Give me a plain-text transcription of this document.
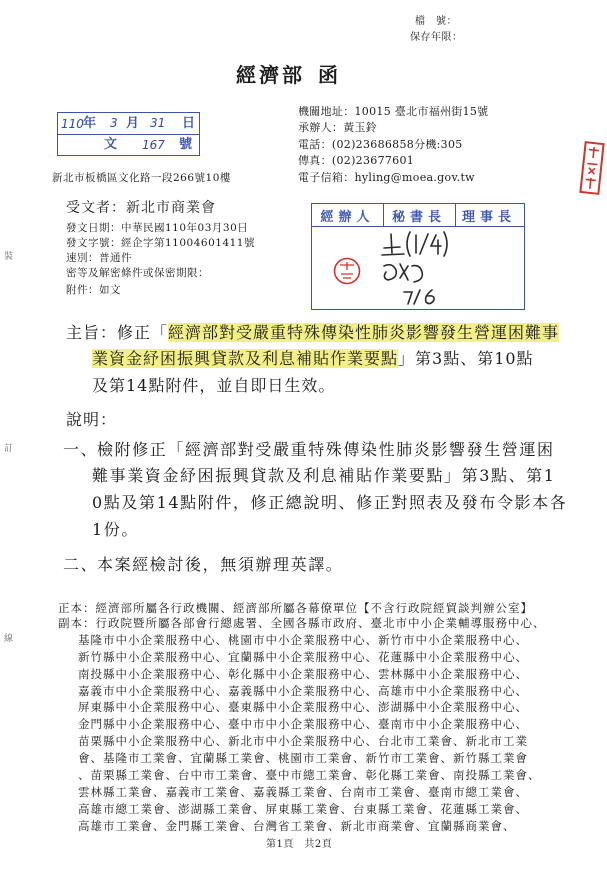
裝
訂
線
檔　號：
保存年限：
經濟部 函
110 年 3 月 31 日
文 167 號
新北市板橋區文化路一段266號10樓
機關地址：10015 臺北市福州街15號
承辦人：黃玉鈴
電話：(02)23686858分機:305
傳真：(02)23677601
電子信箱：hyling@moea.gov.tw
受文者：新北市商業會
發文日期：中華民國110年03月30日
發文字號：經企字第11004601411號
速別：普通件
密等及解密條件或保密期限：
附件：如文
經辦人	秘書長	理事長
主旨： 修正「經濟部對受嚴重特殊傳染性肺炎影響發生營運困難事
業資金紓困振興貸款及利息補貼作業要點」第3點、第10點
及第14點附件，並自即日生效。
說明：
一、
檢附修正「經濟部對受嚴重特殊傳染性肺炎影響發生營運困
難事業資金紓困振興貸款及利息補貼作業要點」第3點、第1
0點及第14點附件，修正總說明、修正對照表及發布令影本各
1份。
二、
本案經檢討後，無須辦理英譯。
正本：經濟部所屬各行政機關、經濟部所屬各幕僚單位【不含行政院經貿談判辦公室】
副本：行政院暨所屬各部會行總處署、全國各縣市政府、臺北市中小企業輔導服務中心、
基隆市中小企業服務中心、桃園市中小企業服務中心、新竹市中小企業服務中心、
新竹縣中小企業服務中心、宜蘭縣中小企業服務中心、花蓮縣中小企業服務中心、
南投縣中小企業服務中心、彰化縣中小企業服務中心、雲林縣中小企業服務中心、
嘉義市中小企業服務中心、嘉義縣中小企業服務中心、高雄市中小企業服務中心、
屏東縣中小企業服務中心、臺東縣中小企業服務中心、澎湖縣中小企業服務中心、
金門縣中小企業服務中心、臺中市中小企業服務中心、臺南市中小企業服務中心、
苗栗縣中小企業服務中心、新北市中小企業服務中心、台北市工業會、新北市工業
會、基隆市工業會、宜蘭縣工業會、桃園市工業會、新竹市工業會、新竹縣工業會
、苗栗縣工業會、台中市工業會、臺中市總工業會、彰化縣工業會、南投縣工業會、
雲林縣工業會、嘉義市工業會、嘉義縣工業會、台南市工業會、臺南市總工業會、
高雄市總工業會、澎湖縣工業會、屏東縣工業會、台東縣工業會、花蓮縣工業會、
高雄市工業會、金門縣工業會、台灣省工業會、新北市商業會、宜蘭縣商業會、
第1頁　 共2頁
